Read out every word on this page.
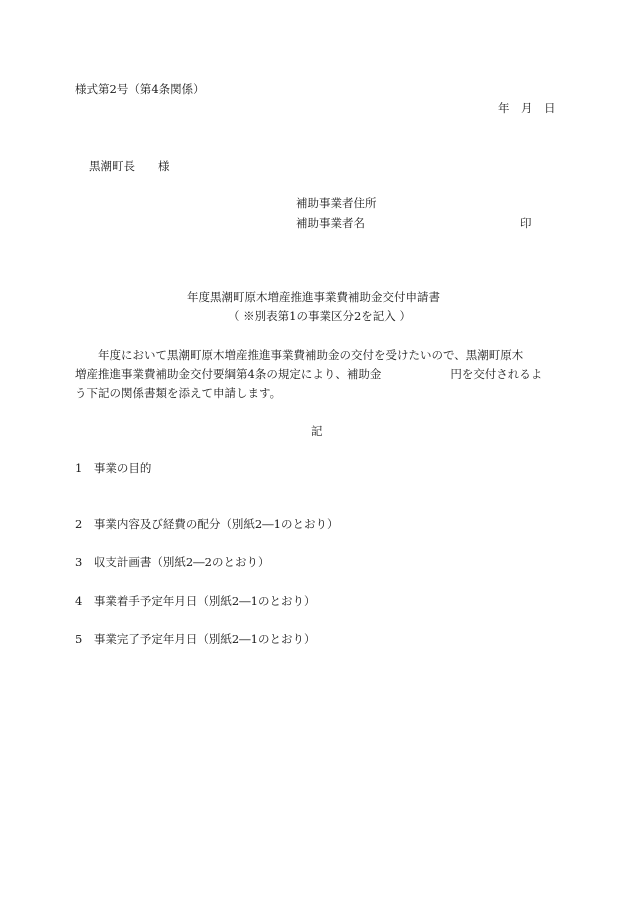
様式第2号（第4条関係）
年　月　日
黒潮町長　　様
補助事業者住所
補助事業者名	印
年度黒潮町原木増産推進事業費補助金交付申請書
（ ※別表第1の事業区分2を記入 ）
　　年度において黒潮町原木増産推進事業費補助金の交付を受けたいので、黒潮町原木
増産推進事業費補助金交付要綱第4条の規定により、補助金　　　　　　円を交付されるよ
う下記の関係書類を添えて申請します。
記
1　事業の目的
2　事業内容及び経費の配分（別紙2―1のとおり）
3　収支計画書（別紙2―2のとおり）
4　事業着手予定年月日（別紙2―1のとおり）
5　事業完了予定年月日（別紙2―1のとおり）
